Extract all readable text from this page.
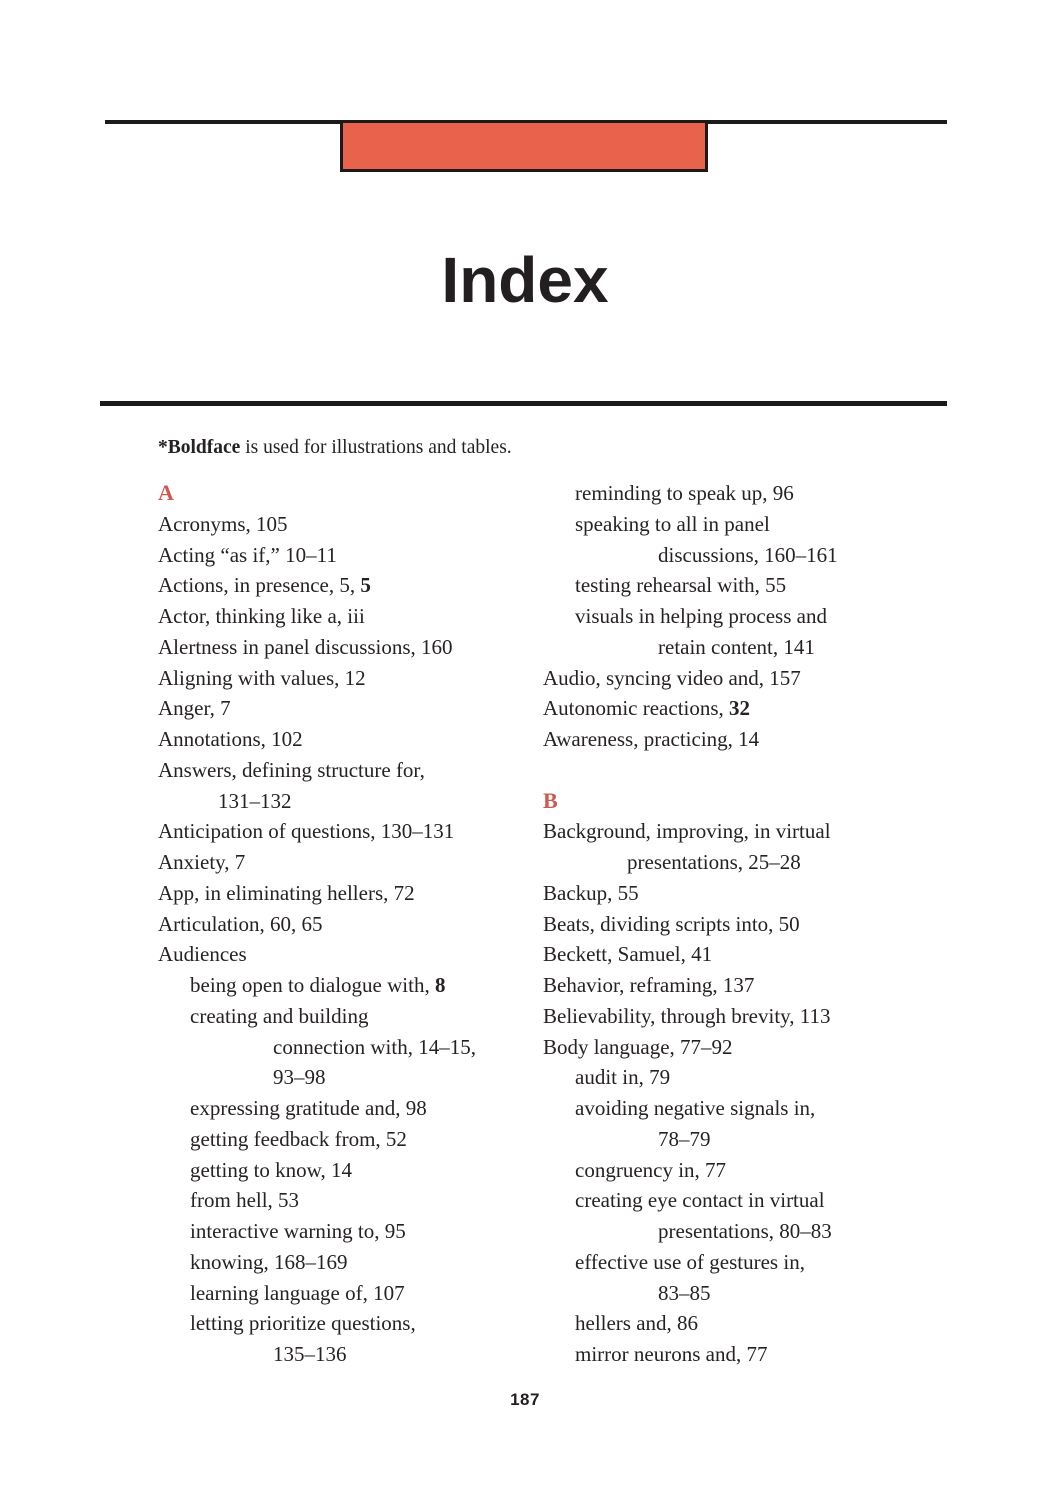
Index

*Boldface is used for illustrations and tables.

A
Acronyms, 105
Acting “as if,” 10–11
Actions, in presence, 5, 5
Actor, thinking like a, iii
Alertness in panel discussions, 160
Aligning with values, 12
Anger, 7
Annotations, 102
Answers, defining structure for,
131–132
Anticipation of questions, 130–131
Anxiety, 7
App, in eliminating hellers, 72
Articulation, 60, 65
Audiences
being open to dialogue with, 8
creating and building
connection with, 14–15,
93–98
expressing gratitude and, 98
getting feedback from, 52
getting to know, 14
from hell, 53
interactive warning to, 95
knowing, 168–169
learning language of, 107
letting prioritize questions,
135–136
reminding to speak up, 96
speaking to all in panel
discussions, 160–161
testing rehearsal with, 55
visuals in helping process and
retain content, 141
Audio, syncing video and, 157
Autonomic reactions, 32
Awareness, practicing, 14
B
Background, improving, in virtual
presentations, 25–28
Backup, 55
Beats, dividing scripts into, 50
Beckett, Samuel, 41
Behavior, reframing, 137
Believability, through brevity, 113
Body language, 77–92
audit in, 79
avoiding negative signals in,
78–79
congruency in, 77
creating eye contact in virtual
presentations, 80–83
effective use of gestures in,
83–85
hellers and, 86
mirror neurons and, 77
187
